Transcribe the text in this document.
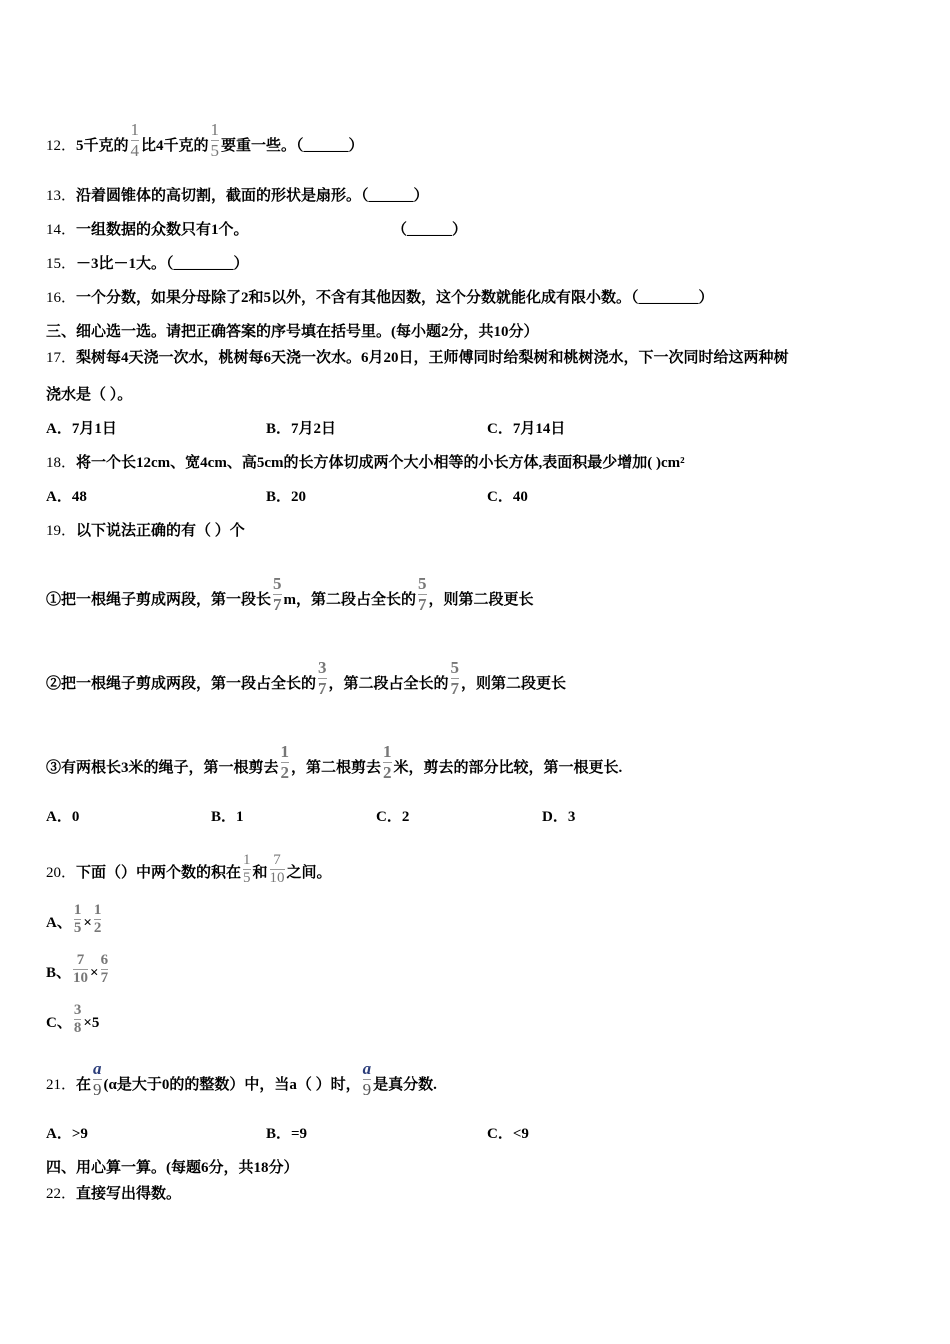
12．5千克的 $\frac{1}{4}$ 比4千克的 $\frac{1}{5}$ 要重一些。（______）
13．沿着圆锥体的高切割，截面的形状是扇形。（______）
14．一组数据的众数只有1个。	（______）
15．－3比－1大。（________）
16．一个分数，如果分母除了2和5以外，不含有其他因数，这个分数就能化成有限小数。（________）
三、细心选一选。请把正确答案的序号填在括号里。(每小题2分，共10分）
17．梨树每4天浇一次水，桃树每6天浇一次水。6月20日，王师傅同时给梨树和桃树浇水，下一次同时给这两种树
浇水是（ ）。
A．7月1日	B．7月2日	C．7月14日
18．将一个长12cm、宽4cm、高5cm的长方体切成两个大小相等的小长方体,表面积最少增加( )cm²
A．48	B．20	C．40
19．以下说法正确的有（ ）个
①把一根绳子剪成两段，第一段长 $\frac{5}{7}$ m，第二段占全长的 $\frac{5}{7}$ ，则第二段更长
②把一根绳子剪成两段，第一段占全长的 $\frac{3}{7}$ ，第二段占全长的 $\frac{5}{7}$ ，则第二段更长
③有两根长3米的绳子，第一根剪去 $\frac{1}{2}$ ，第二根剪去 $\frac{1}{2}$ 米，剪去的部分比较，第一根更长.
A．0	B．1	C．2	D．3
20．下面（）中两个数的积在 $\frac{1}{5}$ 和 $\frac{7}{10}$ 之间。
A、 $\frac{1}{5} \times \frac{1}{2}$
B、 $\frac{7}{10} \times \frac{6}{7}$
C、 $\frac{3}{8} \times 5$
21．在 $\frac{a}{9} (\alpha$是大于0的的整数）中，当a（ ）时， $\frac{a}{9}$ 是真分数.
A．>9	B．=9	C．<9
四、用心算一算。(每题6分，共18分）
22．直接写出得数。
